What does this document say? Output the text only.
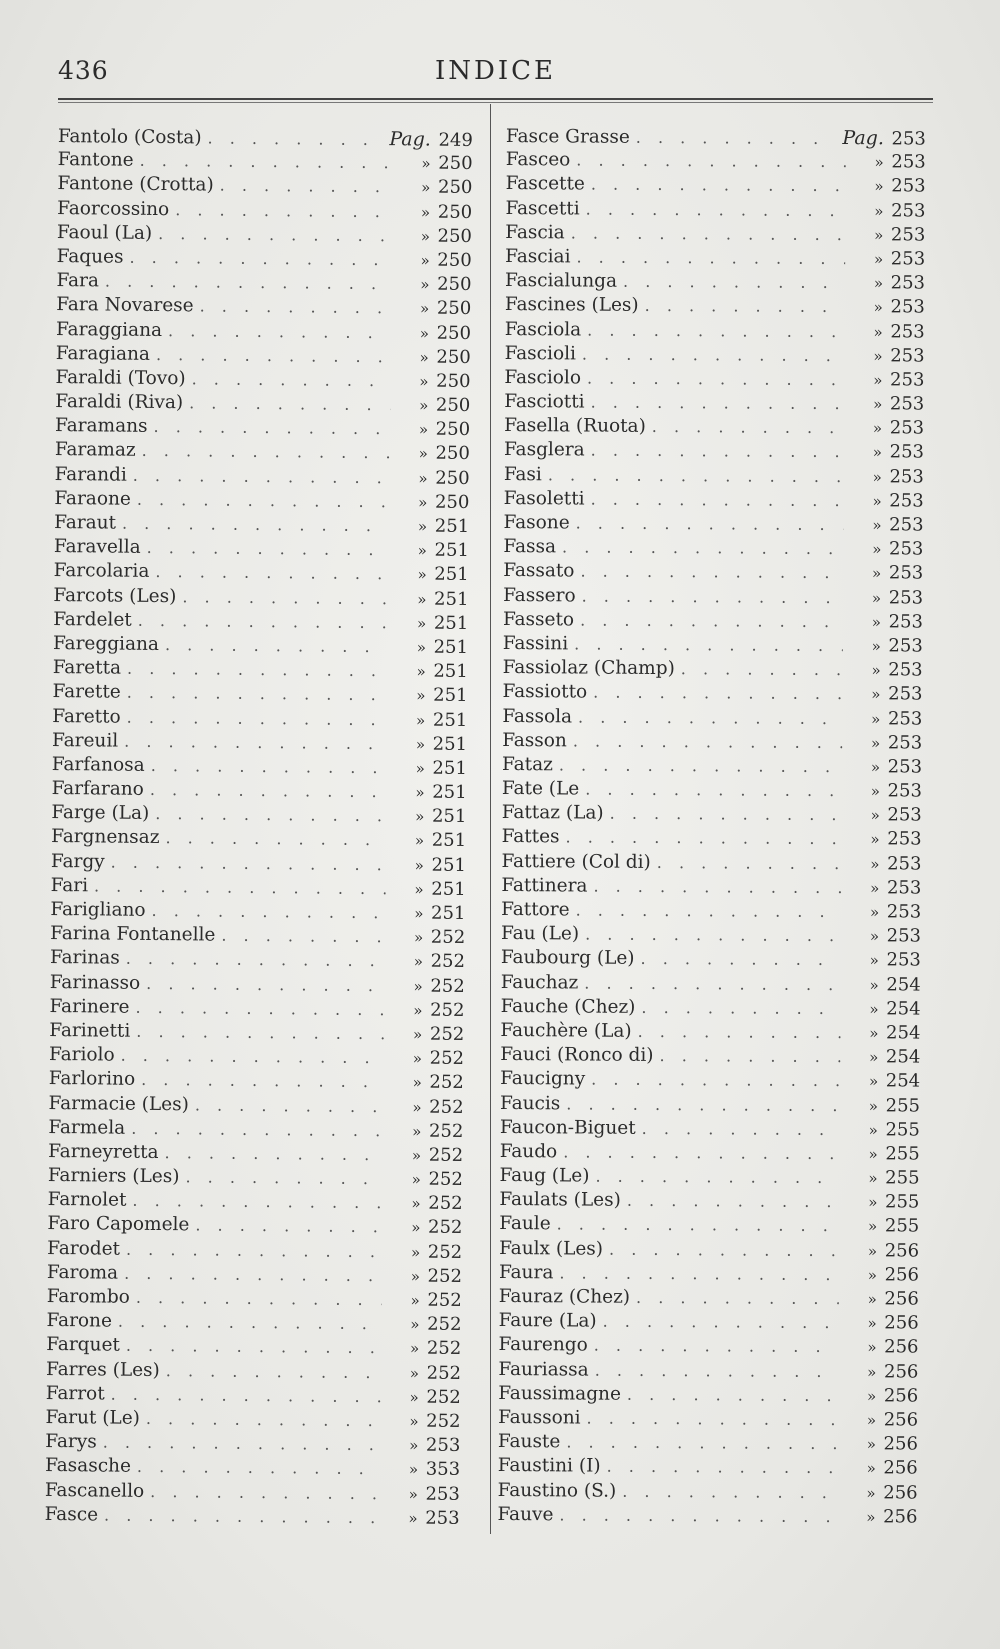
436	INDICE
Fantolo (Costa) . . .	Pag. 249
Fantone . . .	» 250
Fantone (Crotta) . . .	» 250
Faorcossino . . .	» 250
Faoul (La) . . .	» 250
Faques . . .	» 250
Fara . . .	» 250
Fara Novarese . . .	» 250
Faraggiana . . .	» 250
Faragiana . . .	» 250
Faraldi (Tovo) . . .	» 250
Faraldi (Riva) . . .	» 250
Faramans . . .	» 250
Faramaz . . .	» 250
Farandi . . .	» 250
Faraone . . .	» 250
Faraut . . .	» 251
Faravella . . .	» 251
Farcolaria . . .	» 251
Farcots (Les) . . .	» 251
Fardelet . . .	» 251
Fareggiana . . .	» 251
Faretta . . .	» 251
Farette . . .	» 251
Faretto . . .	» 251
Fareuil . . .	» 251
Farfanosa . . .	» 251
Farfarano . . .	» 251
Farge (La) . . .	» 251
Fargnensaz . . .	» 251
Fargy . . .	» 251
Fari . . .	» 251
Farigliano . . .	» 251
Farina Fontanelle . . .	» 252
Farinas . . .	» 252
Farinasso . . .	» 252
Farinere . . .	» 252
Farinetti . . .	» 252
Fariolo . . .	» 252
Farlorino . . .	» 252
Farmacie (Les) . . .	» 252
Farmela . . .	» 252
Farneyretta . . .	» 252
Farniers (Les) . . .	» 252
Farnolet . . .	» 252
Faro Capomele . . .	» 252
Farodet . . .	» 252
Faroma . . .	» 252
Farombo . . .	» 252
Farone . . .	» 252
Farquet . . .	» 252
Farres (Les) . . .	» 252
Farrot . . .	» 252
Farut (Le) . . .	» 252
Farys . . .	» 253
Fasasche . . .	» 353
Fascanello . . .	» 253
Fasce . . .	» 253
Fasce Grasse . . .	Pag. 253
Fasceo . . .	» 253
Fascette . . .	» 253
Fascetti . . .	» 253
Fascia . . .	» 253
Fasciai . . .	» 253
Fascialunga . . .	» 253
Fascines (Les) . . .	» 253
Fasciola . . .	» 253
Fascioli . . .	» 253
Fasciolo . . .	» 253
Fasciotti . . .	» 253
Fasella (Ruota) . . .	» 253
Fasglera . . .	» 253
Fasi . . .	» 253
Fasoletti . . .	» 253
Fasone . . .	» 253
Fassa . . .	» 253
Fassato . . .	» 253
Fassero . . .	» 253
Fasseto . . .	» 253
Fassini . . .	» 253
Fassiolaz (Champ) . . .	» 253
Fassiotto . . .	» 253
Fassola . . .	» 253
Fasson . . .	» 253
Fataz . . .	» 253
Fate (Le . . .	» 253
Fattaz (La) . . .	» 253
Fattes . . .	» 253
Fattiere (Col di) . . .	» 253
Fattinera . . .	» 253
Fattore . . .	» 253
Fau (Le) . . .	» 253
Faubourg (Le) . . .	» 253
Fauchaz . . .	» 254
Fauche (Chez) . . .	» 254
Fauchère (La) . . .	» 254
Fauci (Ronco di) . . .	» 254
Faucigny . . .	» 254
Faucis . . .	» 255
Faucon-Biguet . . .	» 255
Faudo . . .	» 255
Faug (Le) . . .	» 255
Faulats (Les) . . .	» 255
Faule . . .	» 255
Faulx (Les) . . .	» 256
Faura . . .	» 256
Fauraz (Chez) . . .	» 256
Faure (La) . . .	» 256
Faurengo . . .	» 256
Fauriassa . . .	» 256
Faussimagne . . .	» 256
Faussoni . . .	» 256
Fauste . . .	» 256
Faustini (I) . . .	» 256
Faustino (S.) . . .	» 256
Fauve . . .	» 256
